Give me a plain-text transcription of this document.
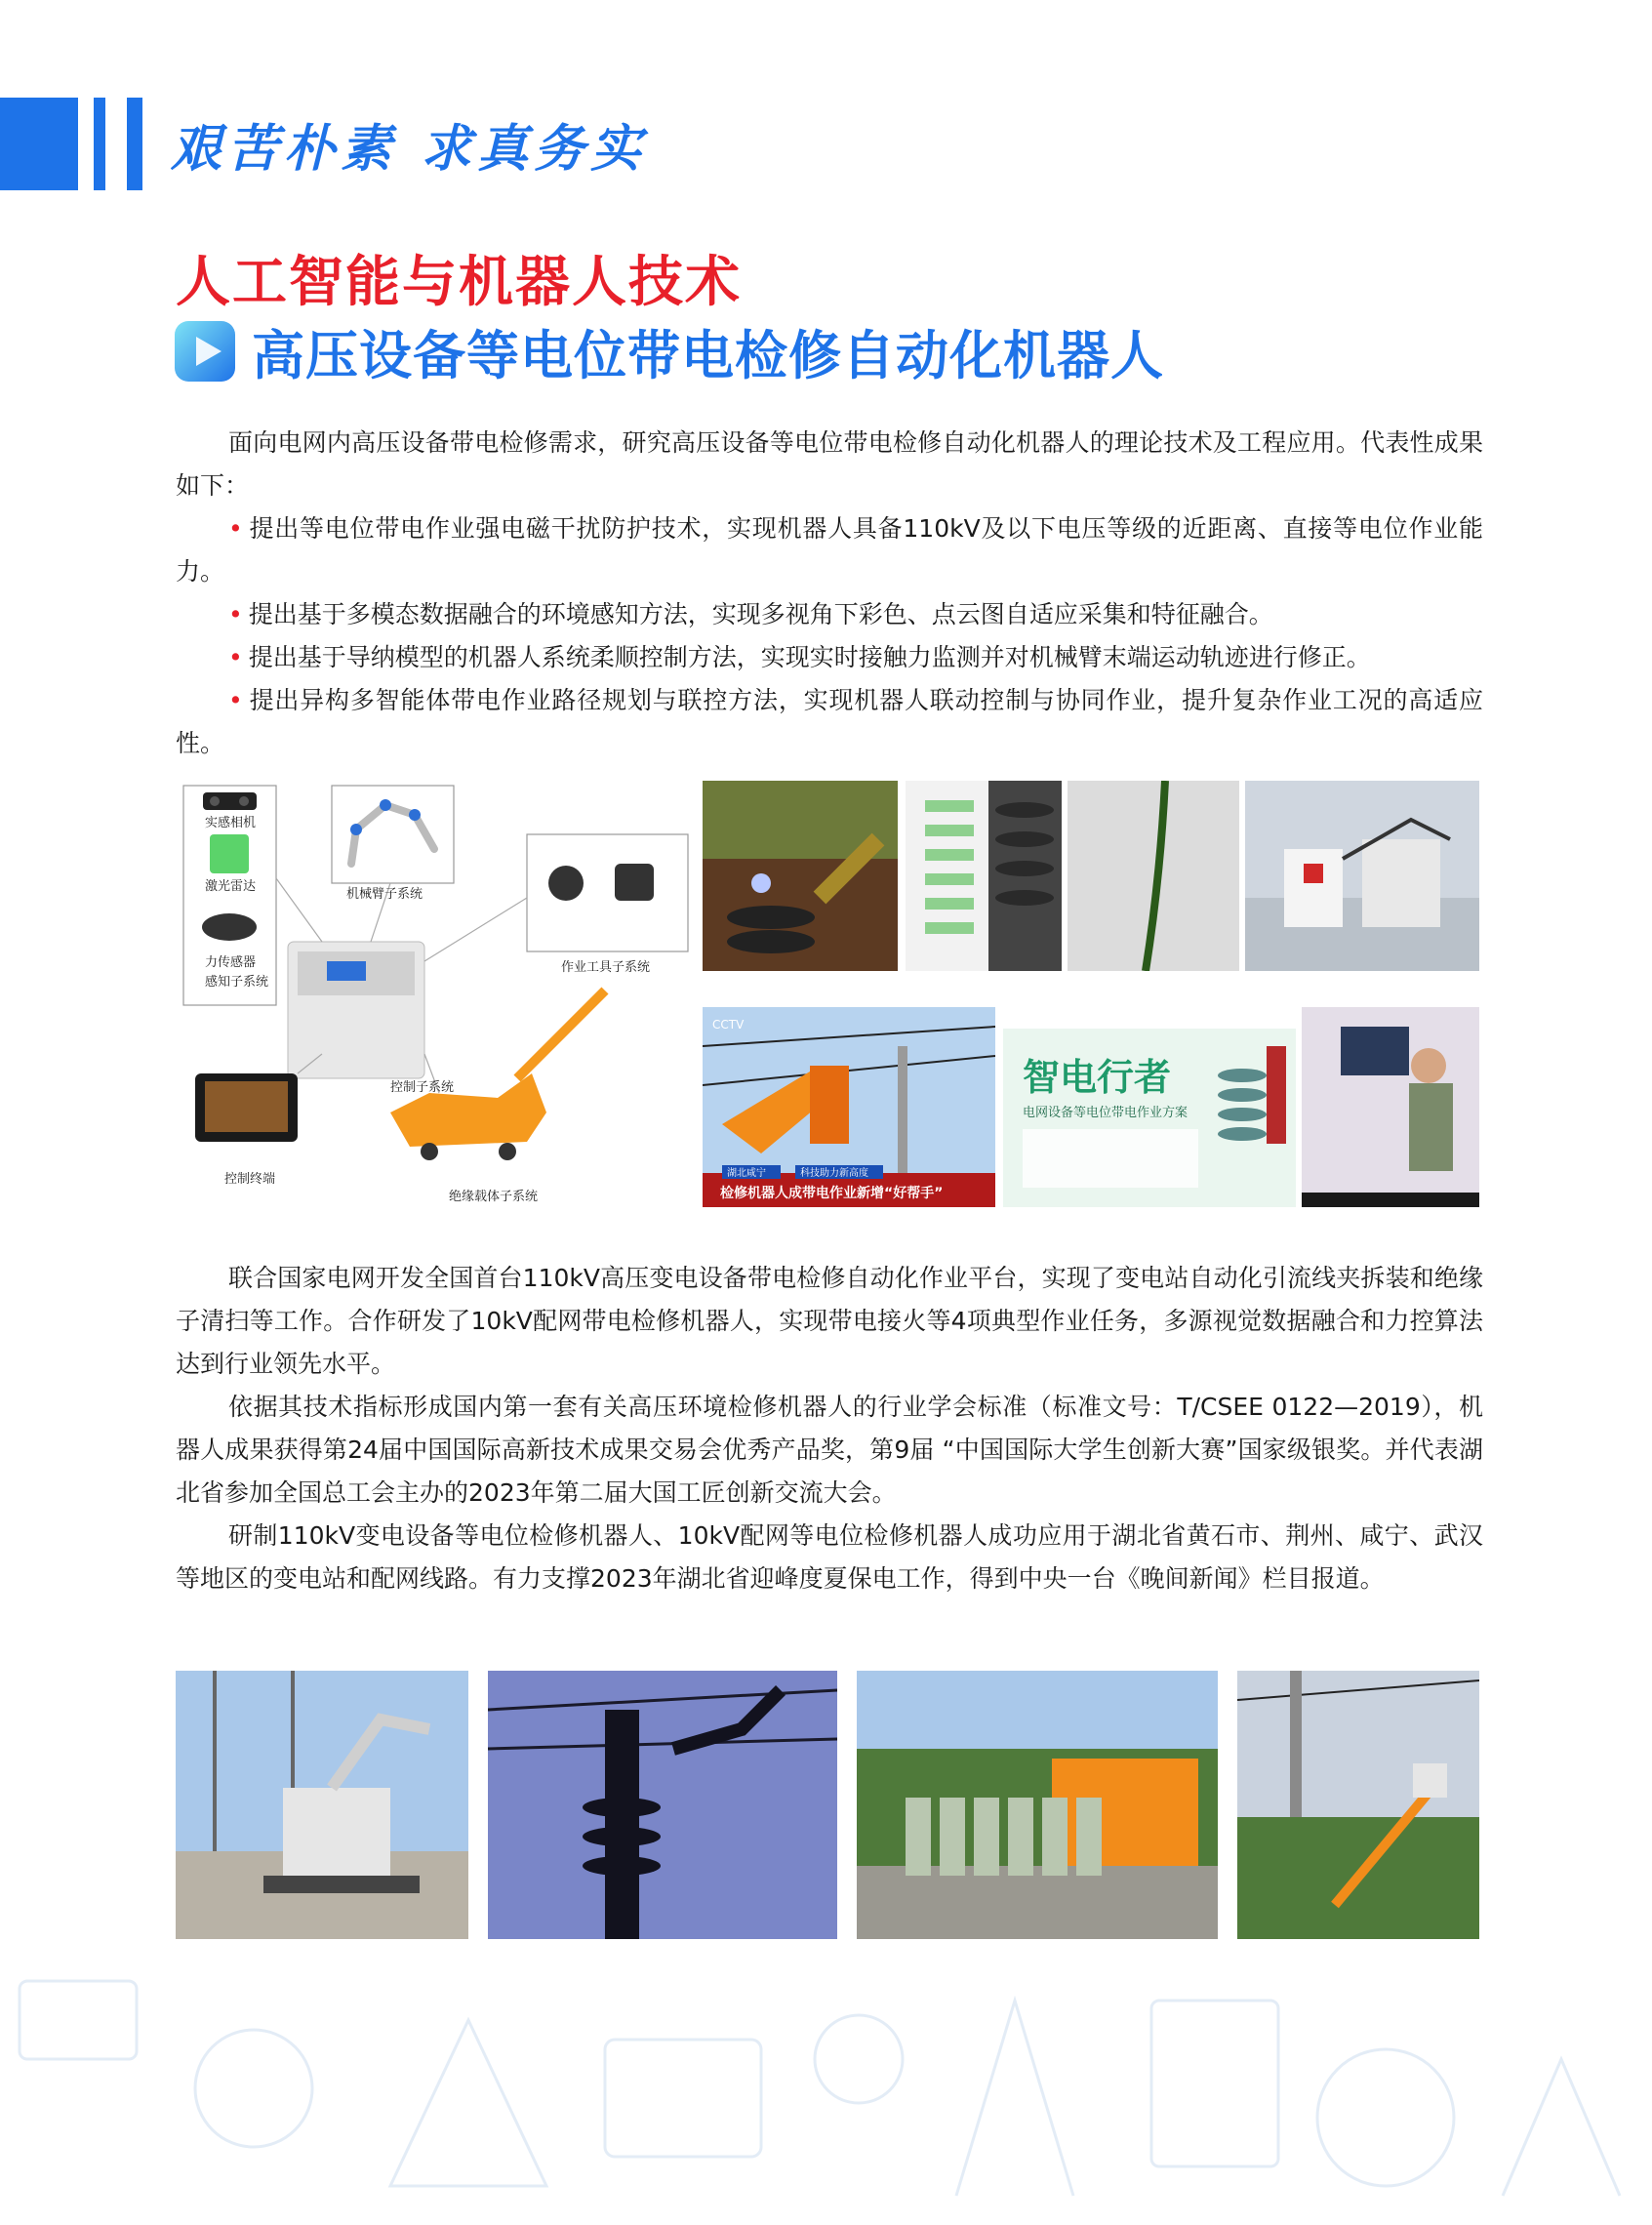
艰苦朴素 求真务实
人工智能与机器人技术
高压设备等电位带电检修自动化机器人
面向电网内高压设备带电检修需求，研究高压设备等电位带电检修自动化机器人的理论技术及工程应用。代表性成果如下：

• 提出等电位带电作业强电磁干扰防护技术，实现机器人具备110kV及以下电压等级的近距离、直接等电位作业能力。

• 提出基于多模态数据融合的环境感知方法，实现多视角下彩色、点云图自适应采集和特征融合。

• 提出基于导纳模型的机器人系统柔顺控制方法，实现实时接触力监测并对机械臂末端运动轨迹进行修正。

• 提出异构多智能体带电作业路径规划与联控方法，实现机器人联动控制与协同作业，提升复杂作业工况的高适应性。

实感相机
激光雷达
力传感器
感知子系统
机械臂子系统
作业工具子系统
控制子系统
控制终端
绝缘载体子系统
湖北咸宁	科技助力新高度
检修机器人成带电作业新增“好帮手”
CCTV
智电行者
电网设备等电位带电作业方案

联合国家电网开发全国首台110kV高压变电设备带电检修自动化作业平台，实现了变电站自动化引流线夹拆装和绝缘子清扫等工作。合作研发了10kV配网带电检修机器人，实现带电接火等4项典型作业任务，多源视觉数据融合和力控算法达到行业领先水平。

依据其技术指标形成国内第一套有关高压环境检修机器人的行业学会标准（标准文号：T/CSEE 0122—2019），机器人成果获得第24届中国国际高新技术成果交易会优秀产品奖，第9届 “中国国际大学生创新大赛”国家级银奖。并代表湖北省参加全国总工会主办的2023年第二届大国工匠创新交流大会。

研制110kV变电设备等电位检修机器人、10kV配网等电位检修机器人成功应用于湖北省黄石市、荆州、咸宁、武汉等地区的变电站和配网线路。有力支撑2023年湖北省迎峰度夏保电工作，得到中央一台《晚间新闻》栏目报道。
